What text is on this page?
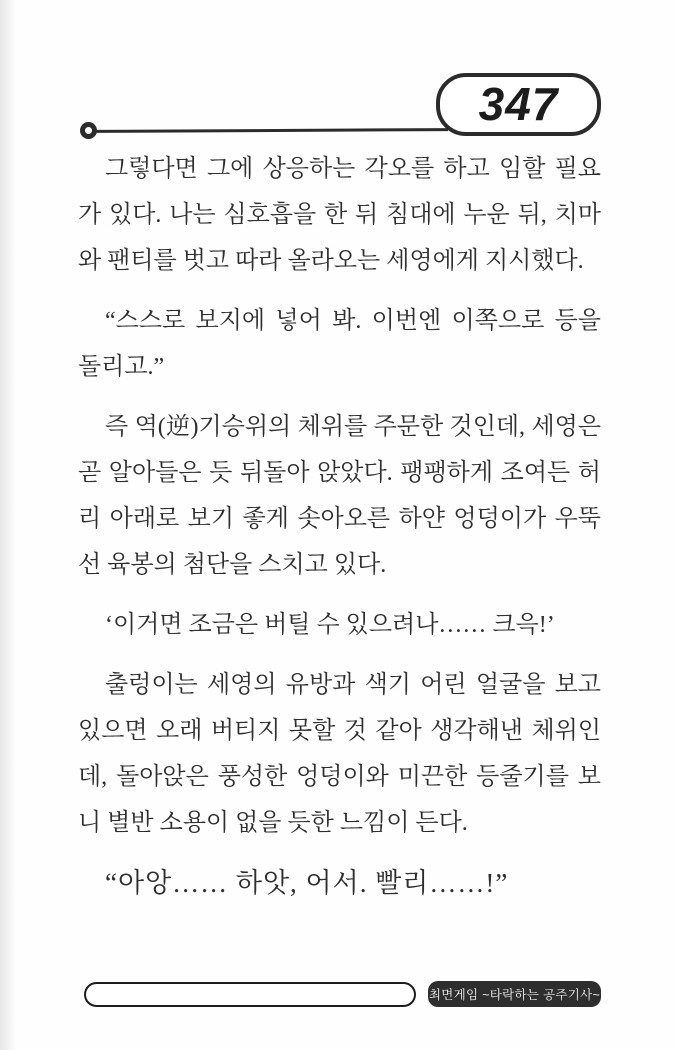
347

그렇다면 그에 상응하는 각오를 하고 임할 필요가 있다. 나는 심호흡을 한 뒤 침대에 누운 뒤, 치마와 팬티를 벗고 따라 올라오는 세영에게 지시했다.

“스스로 보지에 넣어 봐. 이번엔 이쪽으로 등을 돌리고.”

즉 역(逆)기승위의 체위를 주문한 것인데, 세영은 곧 알아들은 듯 뒤돌아 앉았다. 팽팽하게 조여든 허리 아래로 보기 좋게 솟아오른 하얀 엉덩이가 우뚝 선 육봉의 첨단을 스치고 있다.

‘이거면 조금은 버틸 수 있으려나…… 크윽!’

출렁이는 세영의 유방과 색기 어린 얼굴을 보고 있으면 오래 버티지 못할 것 같아 생각해낸 체위인데, 돌아앉은 풍성한 엉덩이와 미끈한 등줄기를 보니 별반 소용이 없을 듯한 느낌이 든다.

“아앙…… 하앗, 어서. 빨리……!”

최면게임 ~타락하는 공주기사~
